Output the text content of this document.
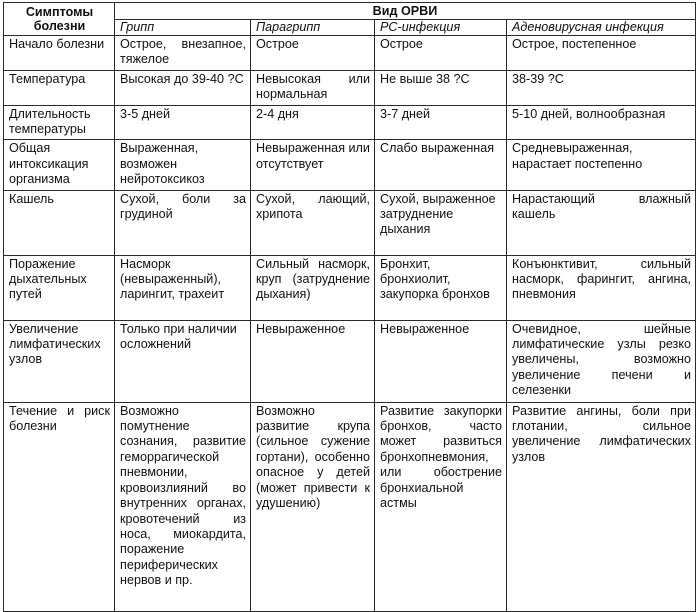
Симптомы болезни	Вид ОРВИ			
	Грипп	Парагрипп	РС-инфекция	Аденовирусная инфекция
Начало болезни	Острое, внезапное, тяжелое	Острое	Острое	Острое, постепенное
Температура	Высокая до 39-40 ?С	Невысокая или нормальная	Не выше 38 ?С	38-39 ?С
Длительность температуры	3-5 дней	2-4 дня	3-7 дней	5-10 дней, волнообразная
Общая интоксикация организма	Выраженная, возможен нейротоксикоз	Невыраженная или отсутствует	Слабо выраженная	Средневыраженная, нарастает постепенно
Кашель	Сухой, боли за грудиной	Сухой, лающий, хрипота	Сухой, выраженное затруднение дыхания	Нарастающий влажный кашель
Поражение дыхательных путей	Насморк (невыраженный), ларингит, трахеит	Сильный насморк, круп (затруднение дыхания)	Бронхит, бронхиолит, закупорка бронхов	Конъюнктивит, сильный насморк, фарингит, ангина, пневмония
Увеличение лимфатических узлов	Только при наличии осложнений	Невыраженное	Невыраженное	Очевидное, шейные лимфатические узлы резко увеличены, возможно увеличение печени и селезенки
Течение и риск болезни	Возможно помутнение сознания, развитие геморрагической пневмонии, кровоизлияний во внутренних органах, кровотечений из носа, миокардита, поражение периферических нервов и пр.	Возможно развитие крупа (сильное сужение гортани), особенно опасное у детей (может привести к удушению)	Развитие закупорки бронхов, часто может развиться бронхопневмония, или обострение бронхиальной астмы	Развитие ангины, боли при глотании, сильное увеличение лимфатических узлов
